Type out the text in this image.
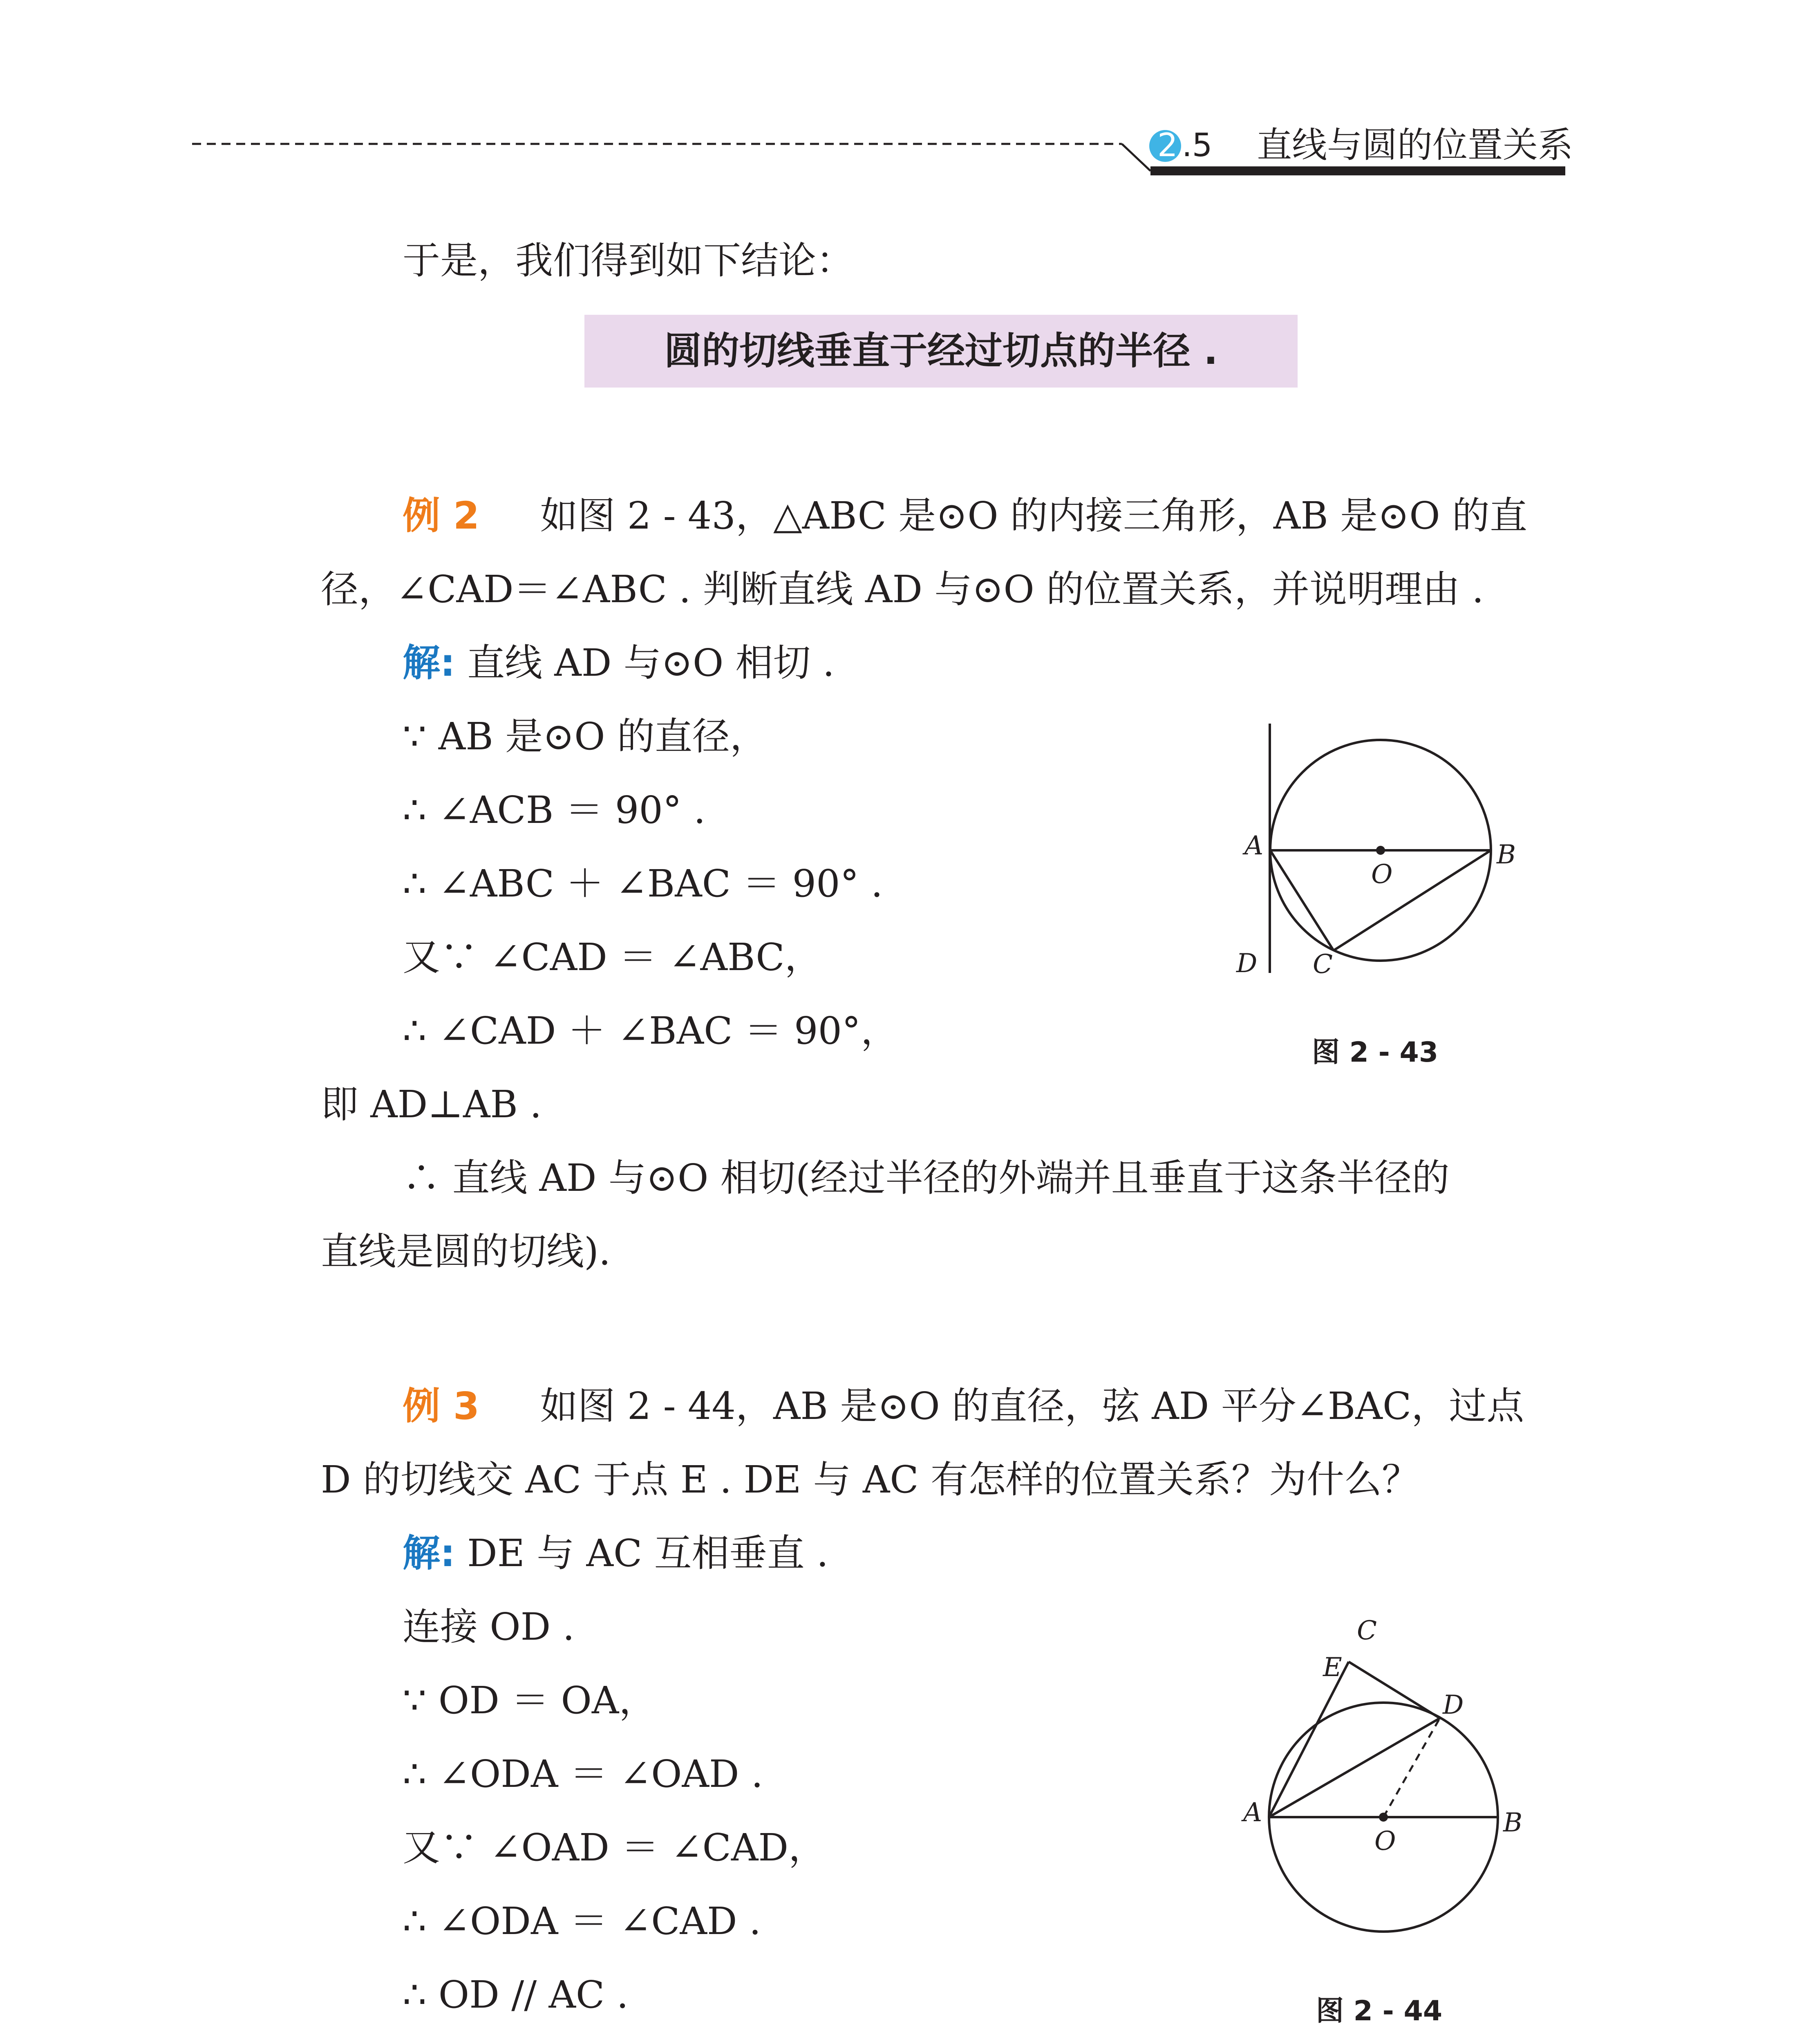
2 .5 直线与圆的位置关系
于是，我们得到如下结论：
圆的切线垂直于经过切点的半径 .
例 2 如图 2 - 43，△ABC 是⊙O 的内接三角形，AB 是⊙O 的直
径，∠CAD＝∠ABC . 判断直线 AD 与⊙O 的位置关系，并说明理由 .
解: 直线 AD 与⊙O 相切 .
∵ AB 是⊙O 的直径，
∴ ∠ACB ＝ 90° .
∴ ∠ABC ＋ ∠BAC ＝ 90° .
又∵ ∠CAD ＝ ∠ABC，
∴ ∠CAD ＋ ∠BAC ＝ 90°，
即 AD⊥AB .
∴ 直线 AD 与⊙O 相切(经过半径的外端并且垂直于这条半径的
直线是圆的切线).
A	B
O
C
D
图 2 - 43
例 3 如图 2 - 44，AB 是⊙O 的直径，弦 AD 平分∠BAC，过点
D 的切线交 AC 于点 E . DE 与 AC 有怎样的位置关系？为什么？
解: DE 与 AC 互相垂直 .
连接 OD .
∵ OD ＝ OA，
∴ ∠ODA ＝ ∠OAD .
又∵ ∠OAD ＝ ∠CAD，
∴ ∠ODA ＝ ∠CAD .
∴ OD // AC .
A	B
O
C
D
E
图 2 - 44
